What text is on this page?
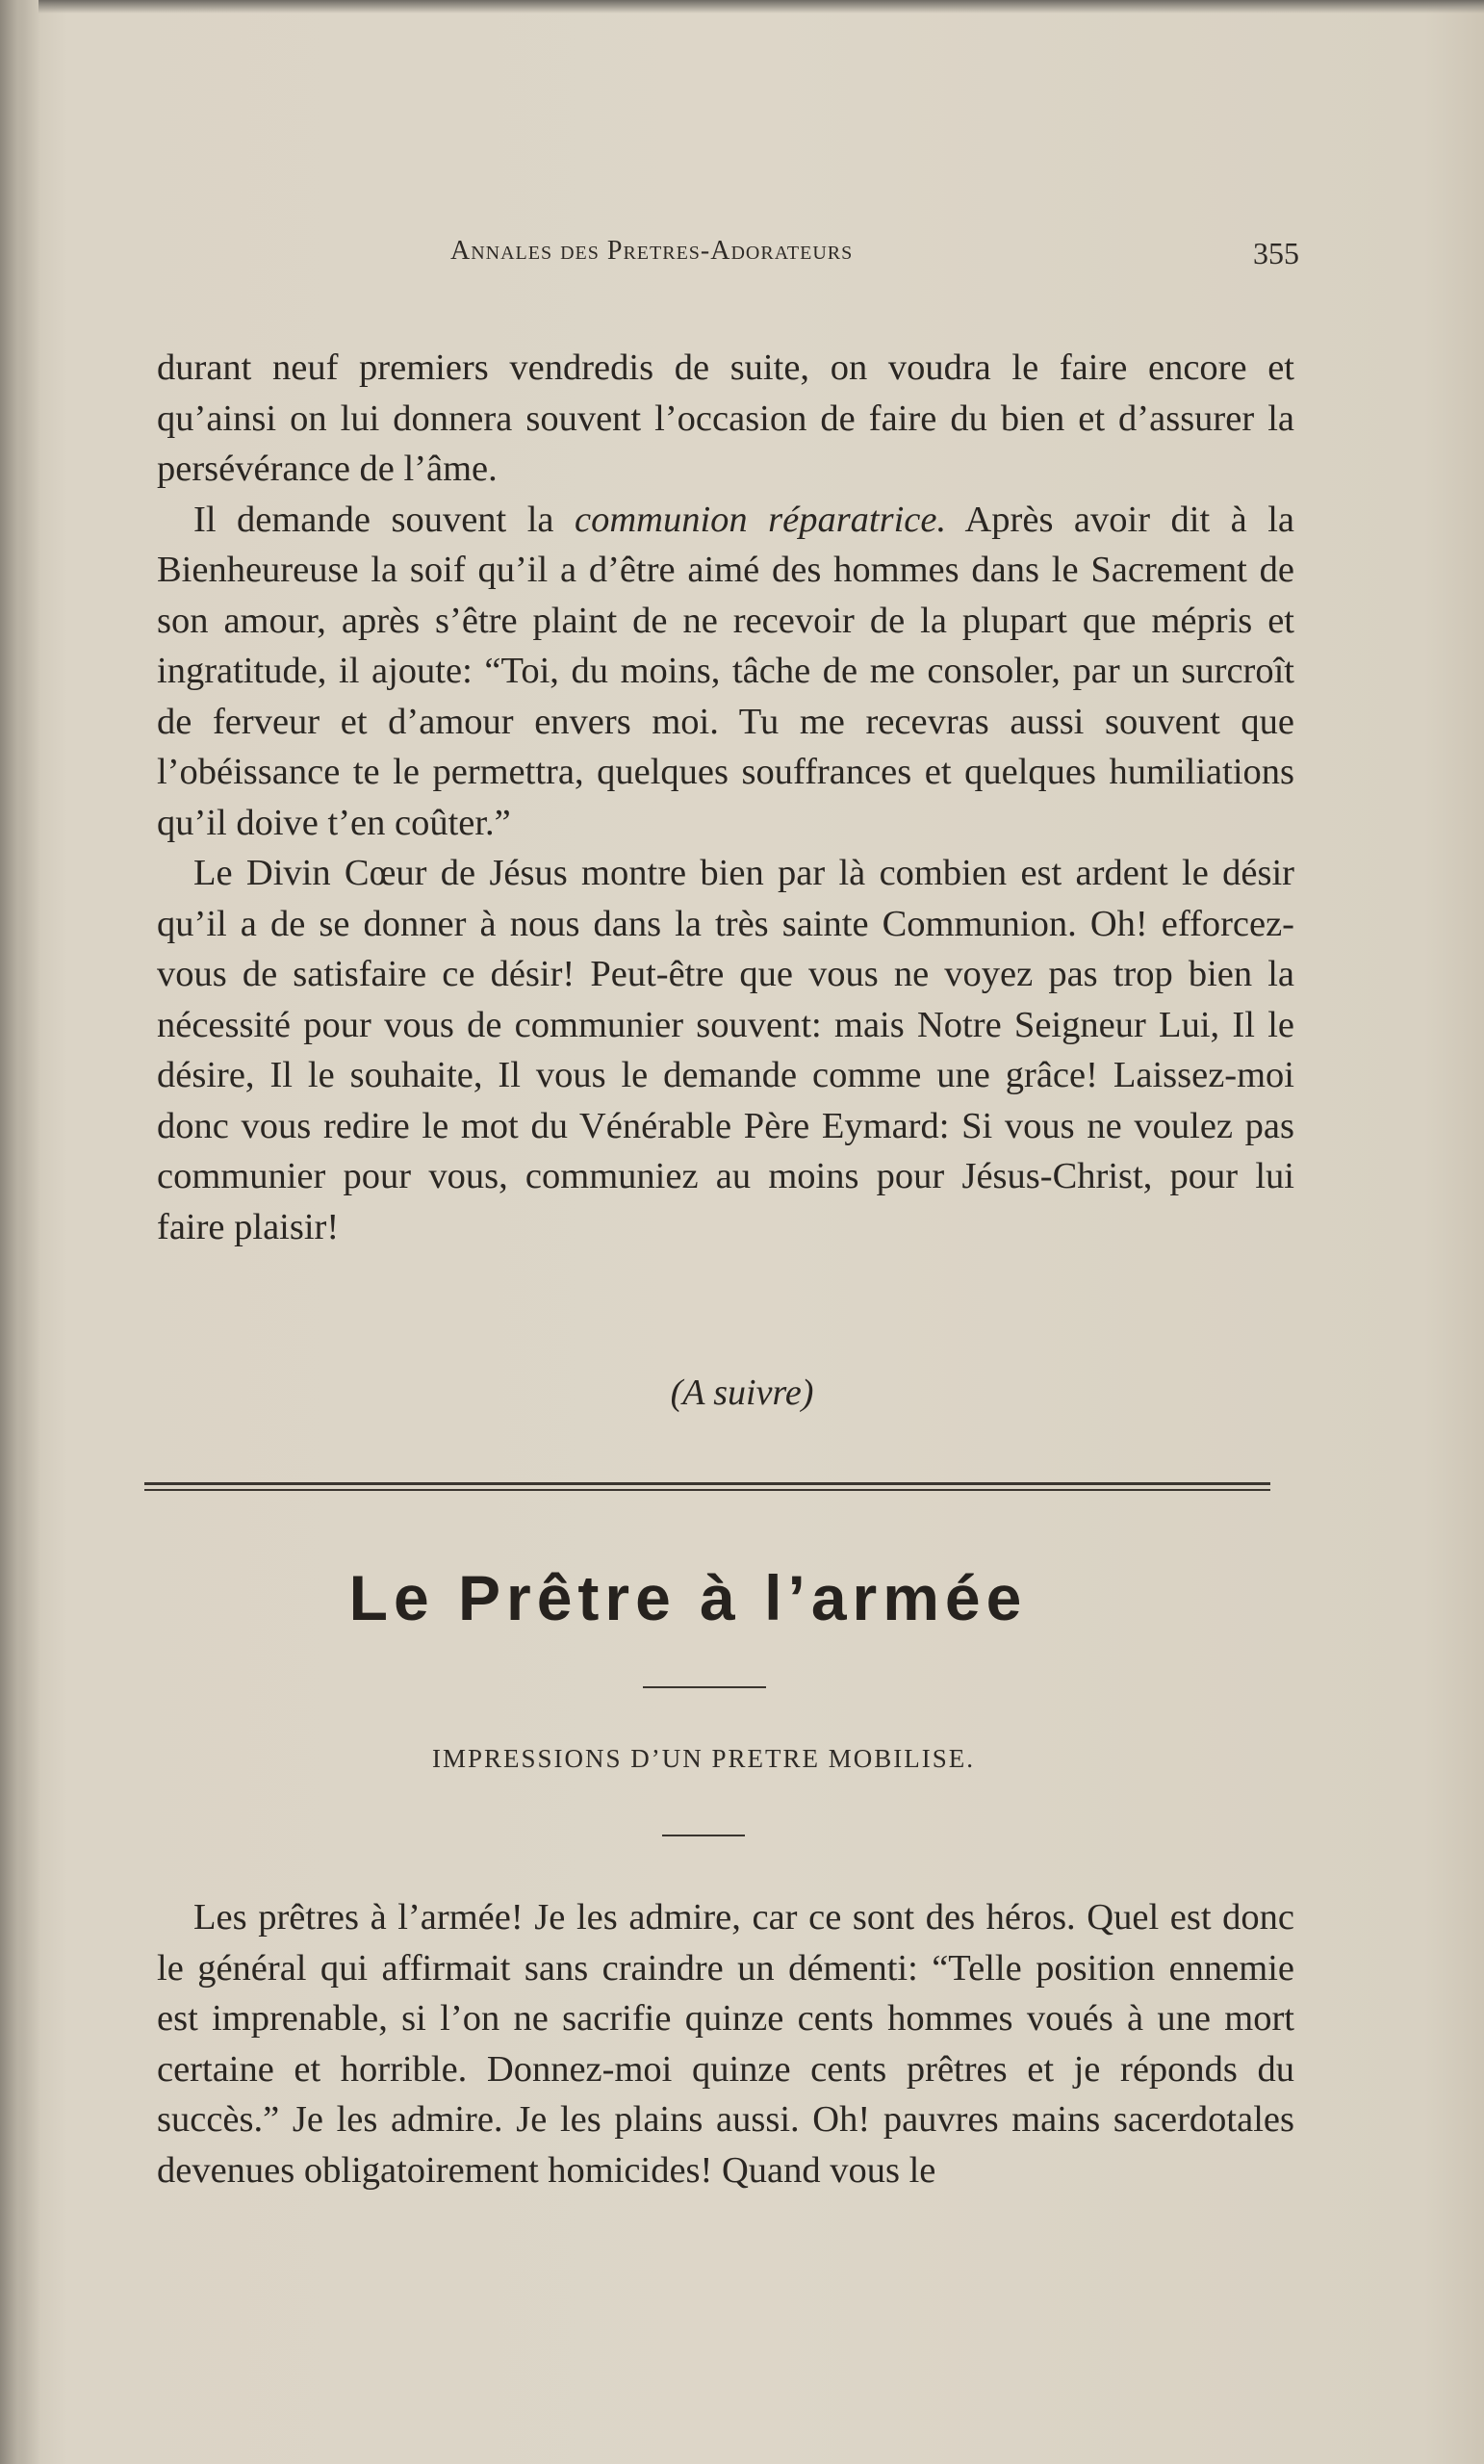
Annales des Pretres-Adorateurs	355

durant neuf premiers vendredis de suite, on voudra le faire encore et qu’ainsi on lui donnera souvent l’occasion de faire du bien et d’assurer la persévérance de l’âme.

Il demande souvent la communion réparatrice. Après avoir dit à la Bienheureuse la soif qu’il a d’être aimé des hommes dans le Sacrement de son amour, après s’être plaint de ne recevoir de la plupart que mépris et ingratitude, il ajoute: “Toi, du moins, tâche de me consoler, par un surcroît de ferveur et d’amour envers moi. Tu me recevras aussi souvent que l’obéissance te le permettra, quelques souffrances et quelques humiliations qu’il doive t’en coûter.”

Le Divin Cœur de Jésus montre bien par là combien est ardent le désir qu’il a de se donner à nous dans la très sainte Communion. Oh! efforcez-vous de satisfaire ce désir! Peut-être que vous ne voyez pas trop bien la nécessité pour vous de communier souvent: mais Notre Seigneur Lui, Il le désire, Il le souhaite, Il vous le demande comme une grâce! Laissez-moi donc vous redire le mot du Vénérable Père Eymard: Si vous ne voulez pas communier pour vous, communiez au moins pour Jésus-Christ, pour lui faire plaisir!

(A suivre)
Le Prêtre à l’armée
IMPRESSIONS D’UN PRETRE MOBILISE.

Les prêtres à l’armée! Je les admire, car ce sont des héros. Quel est donc le général qui affirmait sans craindre un démenti: “Telle position ennemie est imprenable, si l’on ne sacrifie quinze cents hommes voués à une mort certaine et horrible. Donnez-moi quinze cents prêtres et je réponds du succès.” Je les admire. Je les plains aussi. Oh! pauvres mains sacerdotales devenues obligatoirement homicides! Quand vous le
